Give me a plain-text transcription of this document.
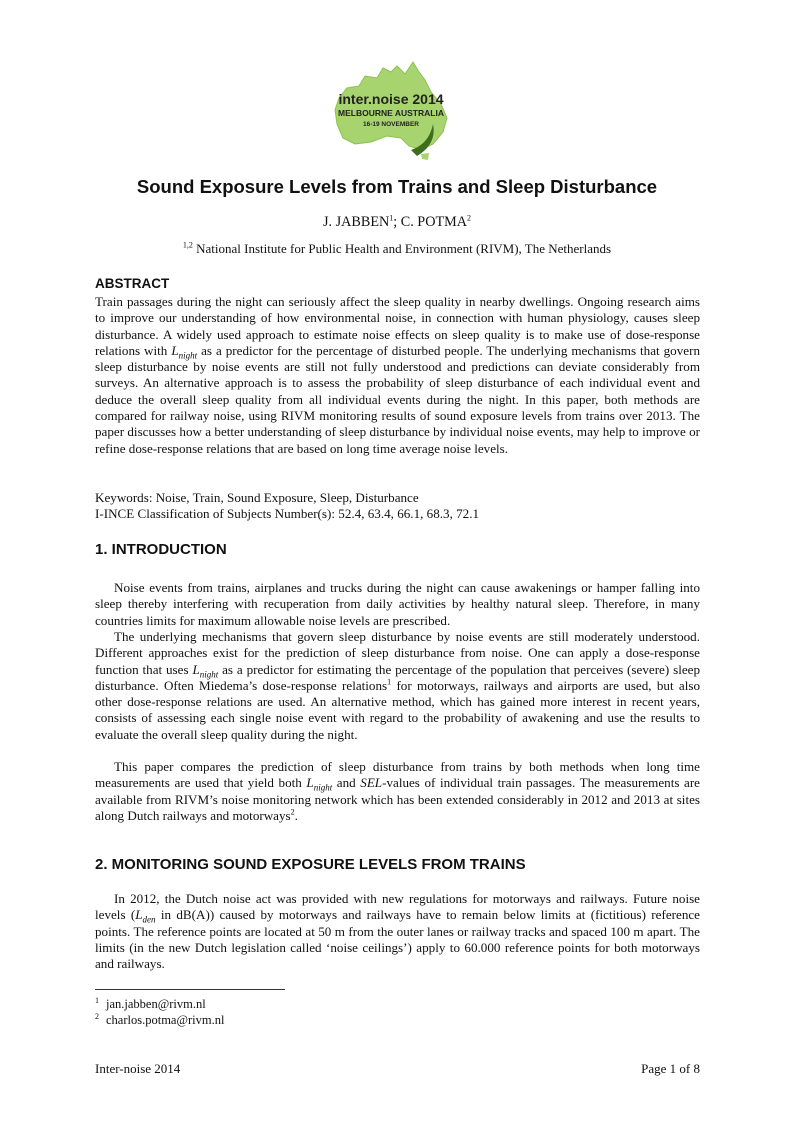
inter.noise 2014
MELBOURNE AUSTRALIA
16-19 NOVEMBER
Sound Exposure Levels from Trains and Sleep Disturbance
J. JABBEN$^1$; C. POTMA$^2$
$^{1,2}$ National Institute for Public Health and Environment (RIVM), The Netherlands
ABSTRACT
Train passages during the night can seriously affect the sleep quality in nearby dwellings. Ongoing research aims to improve our understanding of how environmental noise, in connection with human physiology, causes sleep disturbance. A widely used approach to estimate noise effects on sleep quality is to make use of dose-response relations with $L_{night}$ as a predictor for the percentage of disturbed people. The underlying mechanisms that govern sleep disturbance by noise events are still not fully understood and predictions can deviate considerably from surveys. An alternative approach is to assess the probability of sleep disturbance of each individual event and deduce the overall sleep quality from all individual events during the night. In this paper, both methods are compared for railway noise, using RIVM monitoring results of sound exposure levels from trains over 2013. The paper discusses how a better understanding of sleep disturbance by individual noise events, may help to improve or refine dose-response relations that are based on long time average noise levels.
Keywords: Noise, Train, Sound Exposure, Sleep, Disturbance
I-INCE Classification of Subjects Number(s): 52.4, 63.4, 66.1, 68.3, 72.1
1. INTRODUCTION
Noise events from trains, airplanes and trucks during the night can cause awakenings or hamper falling into sleep thereby interfering with recuperation from daily activities by healthy natural sleep. Therefore, in many countries limits for maximum allowable noise levels are prescribed.
The underlying mechanisms that govern sleep disturbance by noise events are still moderately understood. Different approaches exist for the prediction of sleep disturbance from noise. One can apply a dose-response function that uses $L_{night}$ as a predictor for estimating the percentage of the population that perceives (severe) sleep disturbance. Often Miedema’s dose-response relations$^1$ for motorways, railways and airports are used, but also other dose-response relations are used. An alternative method, which has gained more interest in recent years, consists of assessing each single noise event with regard to the probability of awakening and use the results to evaluate the overall sleep quality during the night.
This paper compares the prediction of sleep disturbance from trains by both methods when long time measurements are used that yield both $L_{night}$ and SEL-values of individual train passages. The measurements are available from RIVM’s noise monitoring network which has been extended considerably in 2012 and 2013 at sites along Dutch railways and motorways$^2$.
2. MONITORING SOUND EXPOSURE LEVELS FROM TRAINS
In 2012, the Dutch noise act was provided with new regulations for motorways and railways. Future noise levels ($L_{den}$ in dB(A)) caused by motorways and railways have to remain below limits at (fictitious) reference points. The reference points are located at 50 m from the outer lanes or railway tracks and spaced 100 m apart. The limits (in the new Dutch legislation called ‘noise ceilings’) apply to 60.000 reference points for both motorways and railways.
$^1$ jan.jabben@rivm.nl
$^2$ charlos.potma@rivm.nl
Inter-noise 2014	Page 1 of 8
